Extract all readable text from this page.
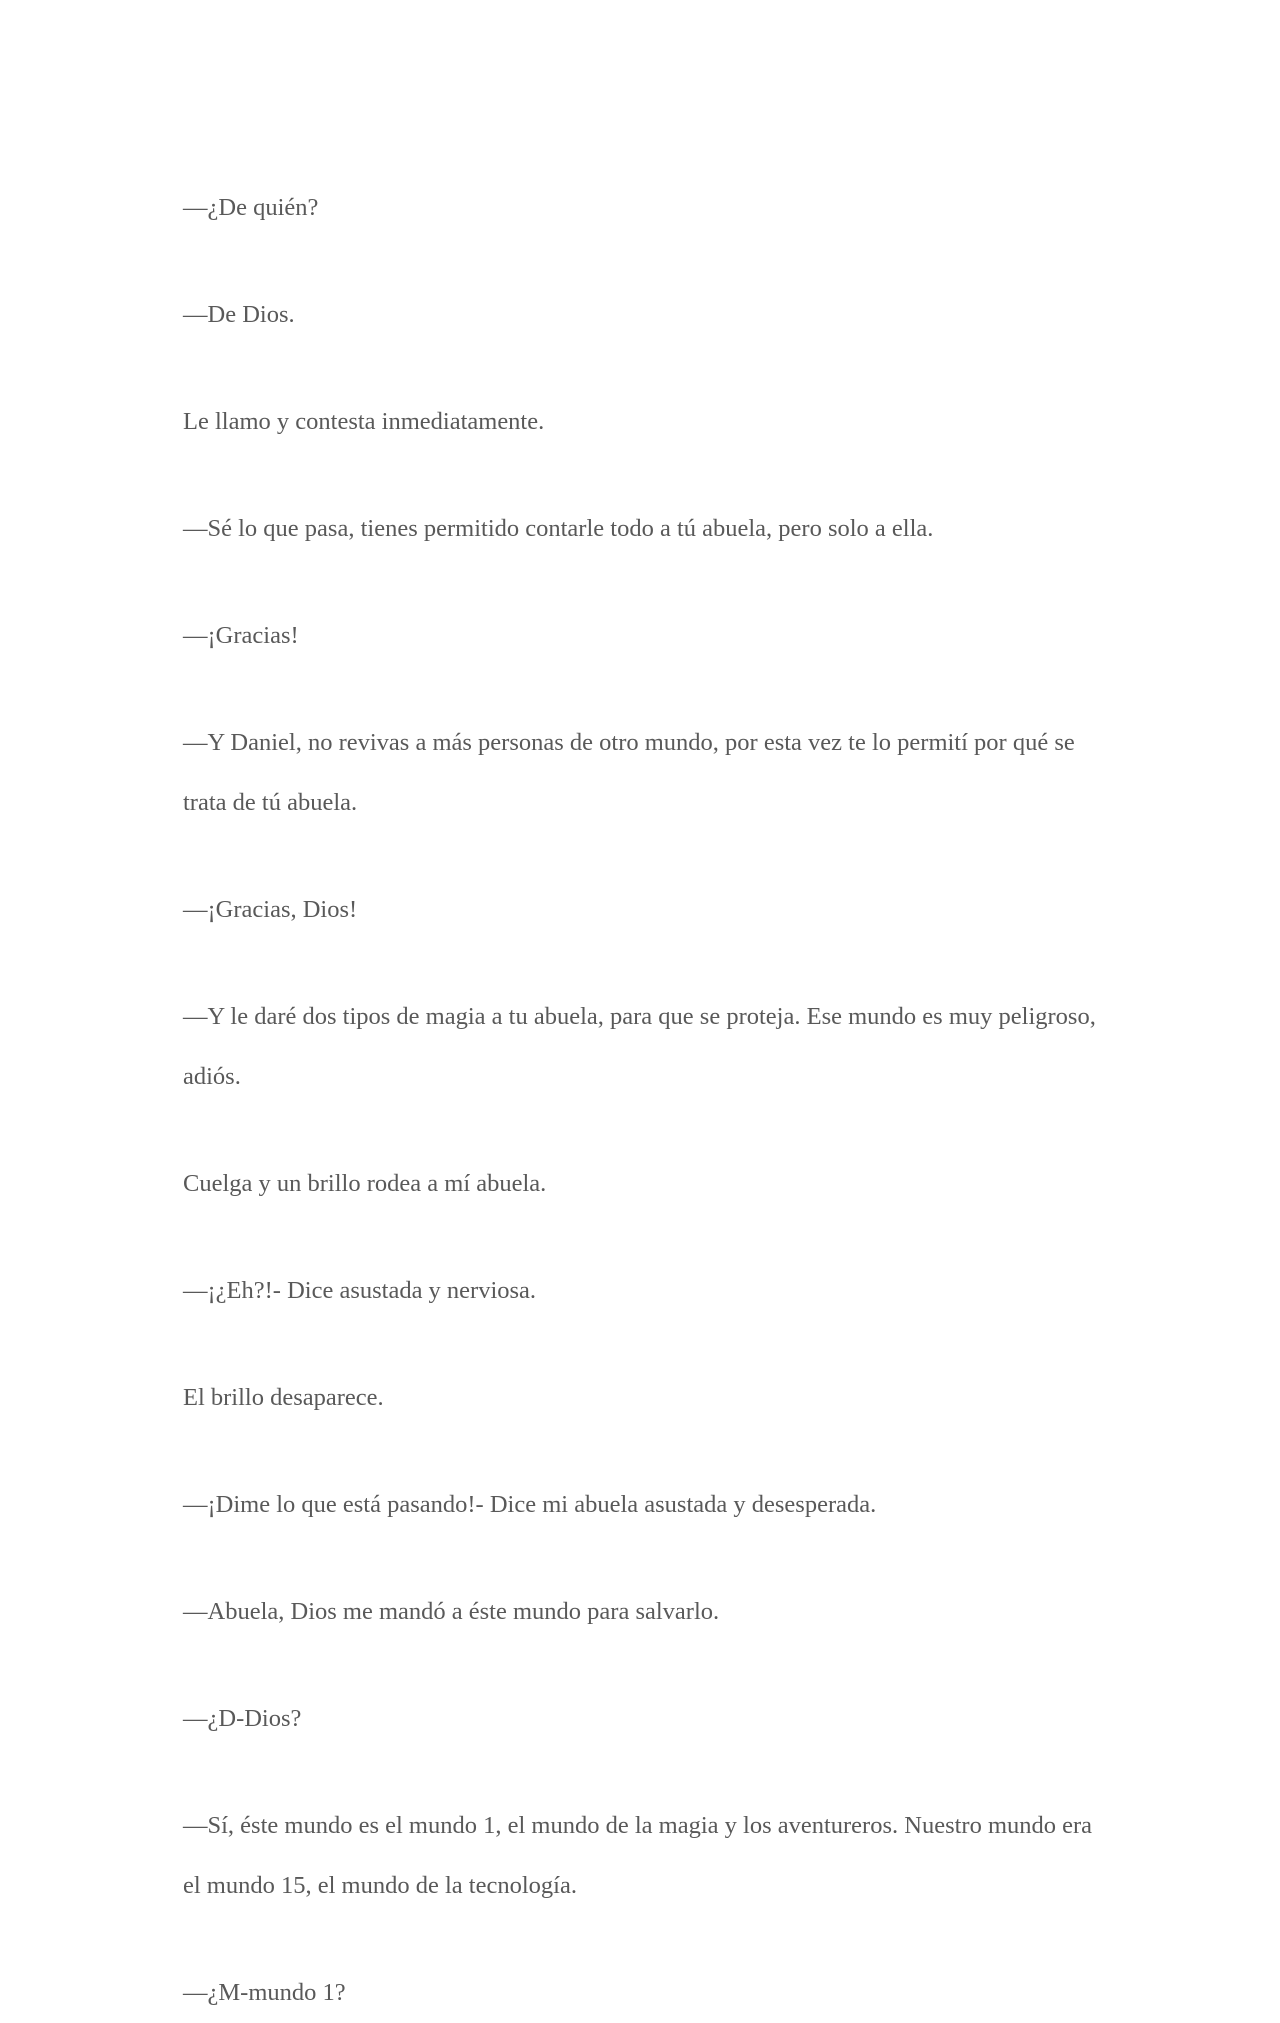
—¿De quién?

—De Dios.

Le llamo y contesta inmediatamente.

—Sé lo que pasa, tienes permitido contarle todo a tú abuela, pero solo a ella.

—¡Gracias!

—Y Daniel, no revivas a más personas de otro mundo, por esta vez te lo permití por qué se trata de tú abuela.

—¡Gracias, Dios!

—Y le daré dos tipos de magia a tu abuela, para que se proteja. Ese mundo es muy peligroso, adiós.

Cuelga y un brillo rodea a mí abuela.

—¡¿Eh?!- Dice asustada y nerviosa.

El brillo desaparece.

—¡Dime lo que está pasando!- Dice mi abuela asustada y desesperada.

—Abuela, Dios me mandó a éste mundo para salvarlo.

—¿D-Dios?

—Sí, éste mundo es el mundo 1, el mundo de la magia y los aventureros. Nuestro mundo era el mundo 15, el mundo de la tecnología.

—¿M-mundo 1?
